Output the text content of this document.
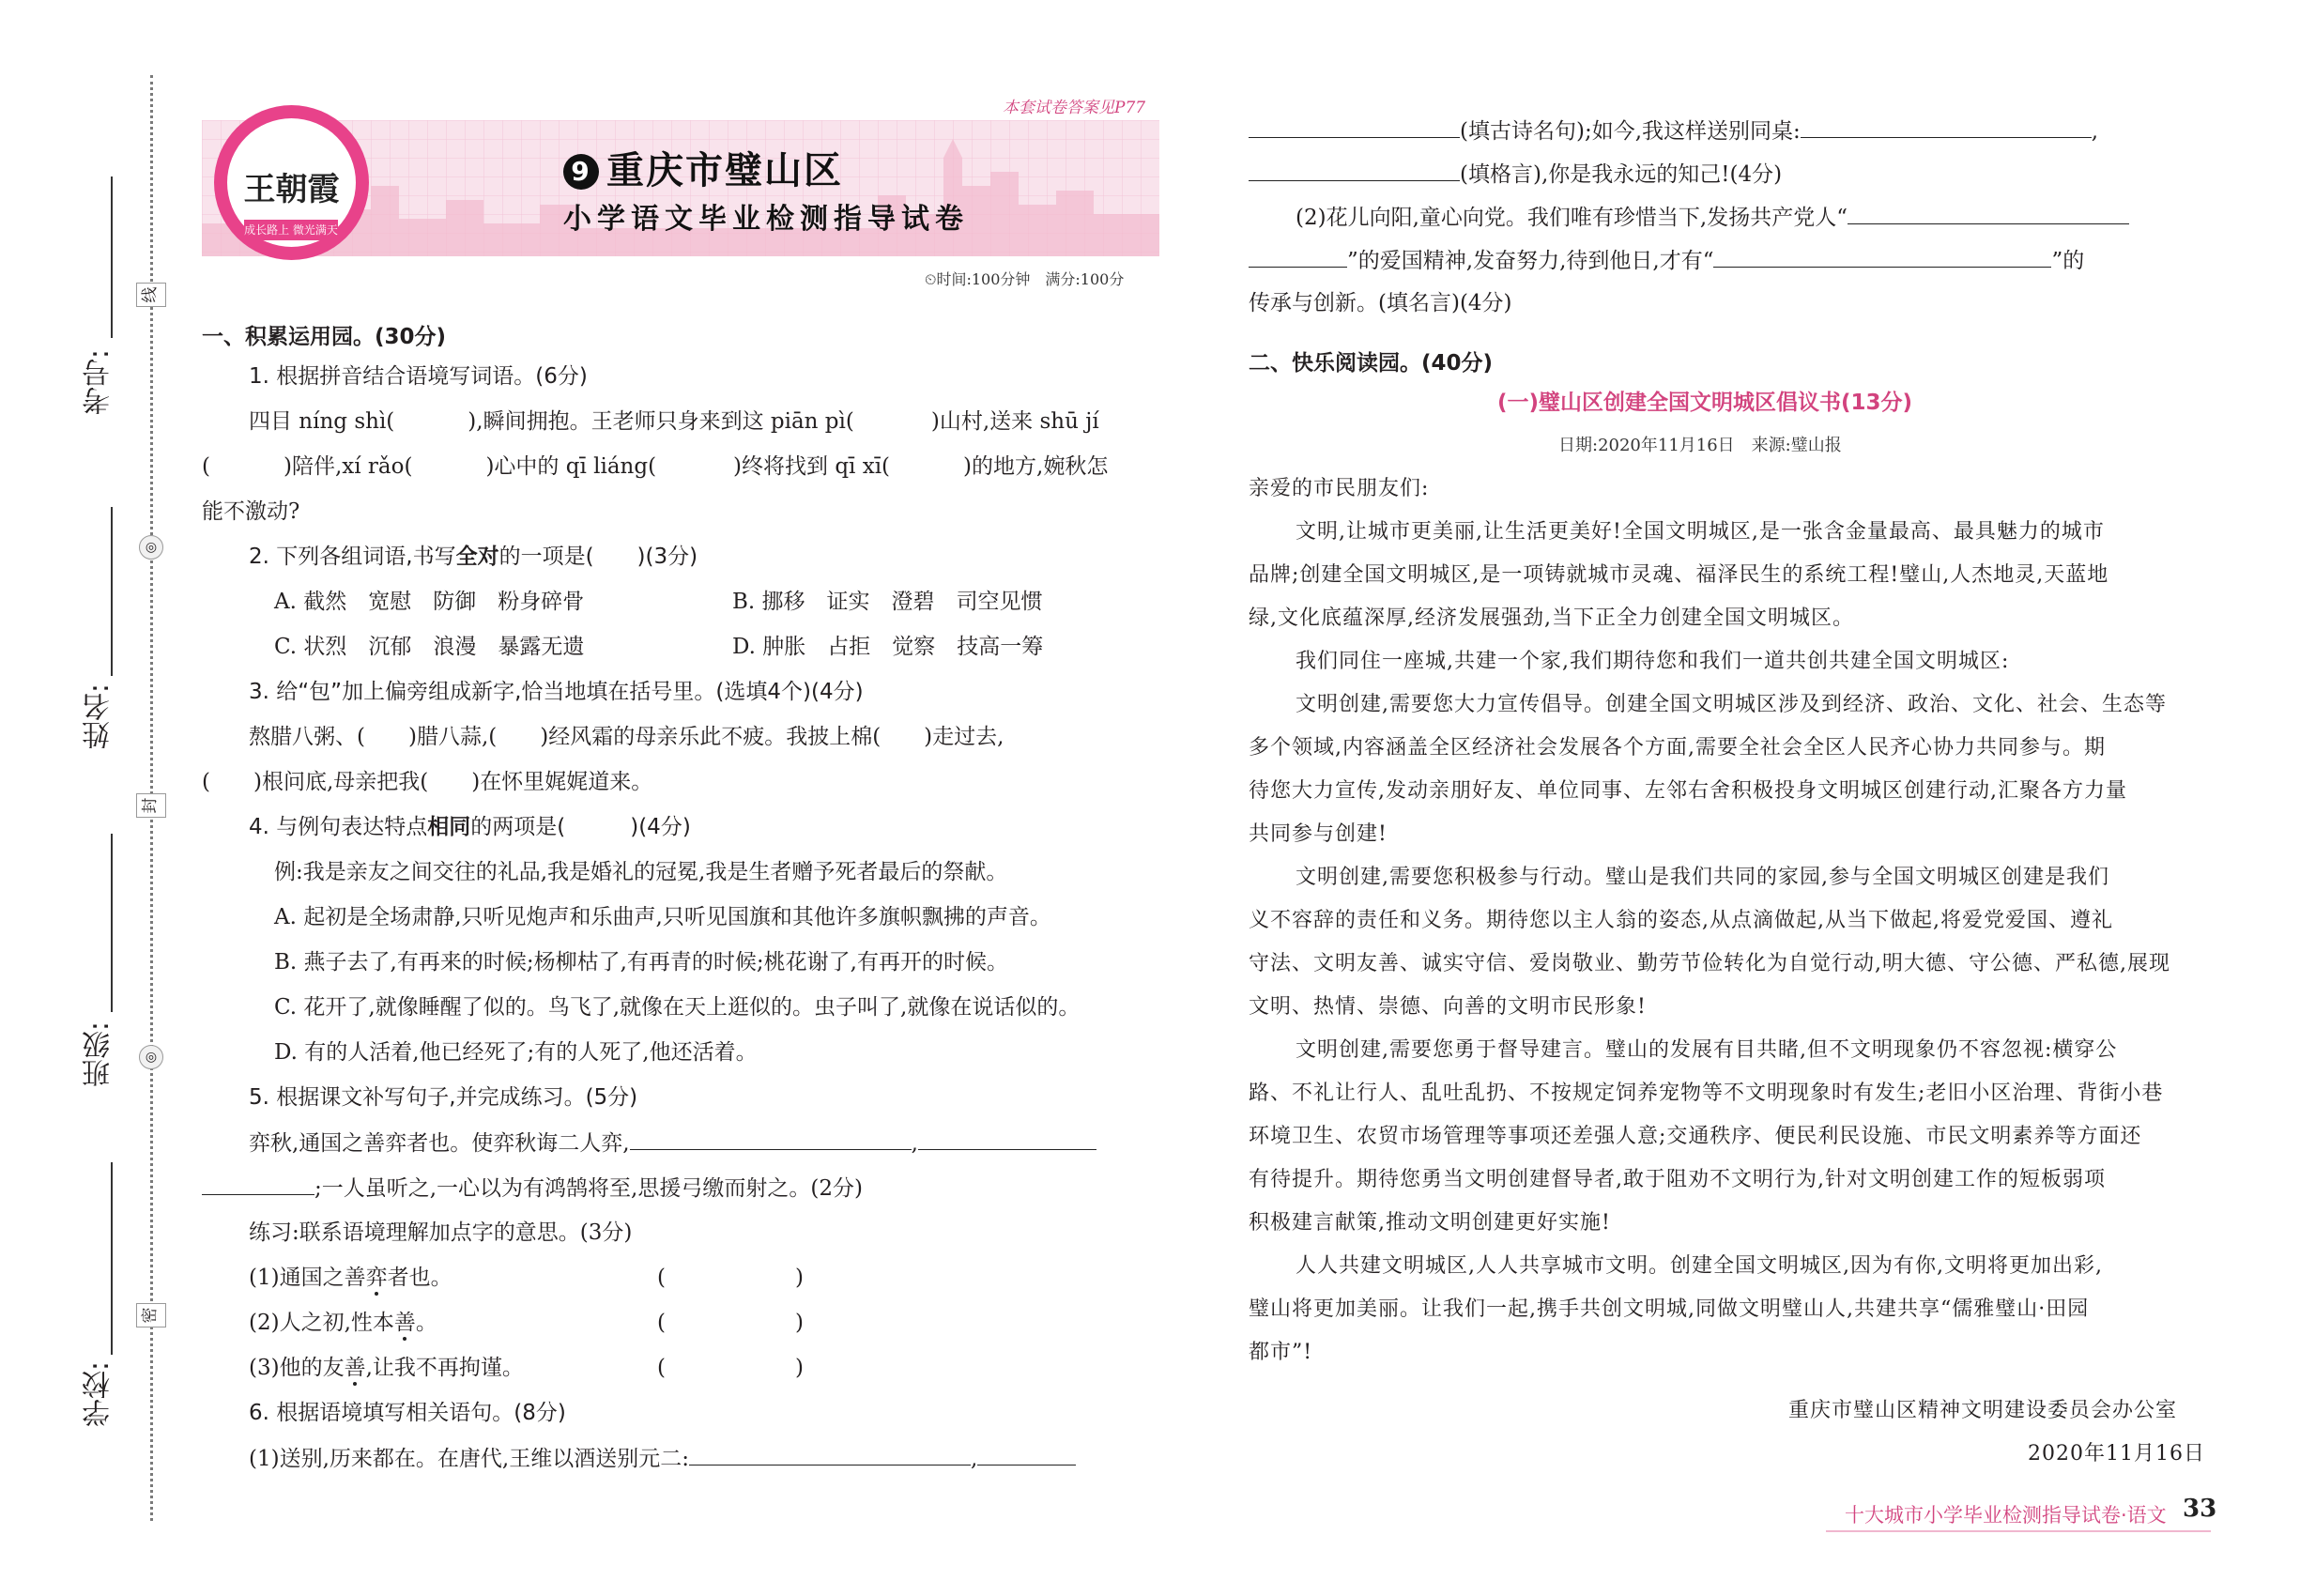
考号:
姓名:
班级:
学校:
线
◎
封
◎
密
本套试卷答案见P77
王朝霞
成长路上 微光满天
9 重庆市璧山区
小学语文毕业检测指导试卷
⏲时间:100分钟　满分:100分
一、积累运用园。(30分)
1. 根据拼音结合语境写词语。(6分)
四目 níng shì(	),瞬间拥抱。王老师只身来到这 piān pì(	)山村,送来 shū jí
(	)陪伴,xí rǎo(	)心中的 qī liáng(	)终将找到 qī xī(	)的地方,婉秋怎
能不激动?
2. 下列各组词语,书写全对的一项是(　　)(3分)
A. 截然　宽慰　防御　粉身碎骨	B. 挪移　证实　澄碧　司空见惯
C. 状烈　沉郁　浪漫　暴露无遗	D. 肿胀　占拒　觉察　技高一筹
3. 给“包”加上偏旁组成新字,恰当地填在括号里。(选填4个)(4分)
熬腊八粥、(　　)腊八蒜,(　　)经风霜的母亲乐此不疲。我披上棉(　　)走过去,
(　　)根问底,母亲把我(　　)在怀里娓娓道来。
4. 与例句表达特点相同的两项是(　　　)(4分)
例:我是亲友之间交往的礼品,我是婚礼的冠冕,我是生者赠予死者最后的祭献。
A. 起初是全场肃静,只听见炮声和乐曲声,只听见国旗和其他许多旗帜飘拂的声音。
B. 燕子去了,有再来的时候;杨柳枯了,有再青的时候;桃花谢了,有再开的时候。
C. 花开了,就像睡醒了似的。鸟飞了,就像在天上逛似的。虫子叫了,就像在说话似的。
D. 有的人活着,他已经死了;有的人死了,他还活着。
5. 根据课文补写句子,并完成练习。(5分)
弈秋,通国之善弈者也。使弈秋诲二人弈,	,
;一人虽听之,一心以为有鸿鹄将至,思援弓缴而射之。(2分)
练习:联系语境理解加点字的意思。(3分)
(1)通国之善弈者也。	(　　　　　　)
(2)人之初,性本善。	(　　　　　　)
(3)他的友善,让我不再拘谨。	(　　　　　　)
6. 根据语境填写相关语句。(8分)
(1)送别,历来都在。在唐代,王维以酒送别元二:	,
(填古诗名句);如今,我这样送别同桌:	,
(填格言),你是我永远的知己!(4分)
(2)花儿向阳,童心向党。我们唯有珍惜当下,发扬共产党人“
”的爱国精神,发奋努力,待到他日,才有“	”的
传承与创新。(填名言)(4分)
二、快乐阅读园。(40分)
(一)璧山区创建全国文明城区倡议书(13分)
日期:2020年11月16日　来源:璧山报
亲爱的市民朋友们:
文明,让城市更美丽,让生活更美好!全国文明城区,是一张含金量最高、最具魅力的城市
品牌;创建全国文明城区,是一项铸就城市灵魂、福泽民生的系统工程!璧山,人杰地灵,天蓝地
绿,文化底蕴深厚,经济发展强劲,当下正全力创建全国文明城区。
我们同住一座城,共建一个家,我们期待您和我们一道共创共建全国文明城区:
文明创建,需要您大力宣传倡导。创建全国文明城区涉及到经济、政治、文化、社会、生态等
多个领域,内容涵盖全区经济社会发展各个方面,需要全社会全区人民齐心协力共同参与。期
待您大力宣传,发动亲朋好友、单位同事、左邻右舍积极投身文明城区创建行动,汇聚各方力量
共同参与创建!
文明创建,需要您积极参与行动。璧山是我们共同的家园,参与全国文明城区创建是我们
义不容辞的责任和义务。期待您以主人翁的姿态,从点滴做起,从当下做起,将爱党爱国、遵礼
守法、文明友善、诚实守信、爱岗敬业、勤劳节俭转化为自觉行动,明大德、守公德、严私德,展现
文明、热情、崇德、向善的文明市民形象!
文明创建,需要您勇于督导建言。璧山的发展有目共睹,但不文明现象仍不容忽视:横穿公
路、不礼让行人、乱吐乱扔、不按规定饲养宠物等不文明现象时有发生;老旧小区治理、背街小巷
环境卫生、农贸市场管理等事项还差强人意;交通秩序、便民利民设施、市民文明素养等方面还
有待提升。期待您勇当文明创建督导者,敢于阻劝不文明行为,针对文明创建工作的短板弱项
积极建言献策,推动文明创建更好实施!
人人共建文明城区,人人共享城市文明。创建全国文明城区,因为有你,文明将更加出彩,
璧山将更加美丽。让我们一起,携手共创文明城,同做文明璧山人,共建共享“儒雅璧山·田园
都市”!
重庆市璧山区精神文明建设委员会办公室
2020年11月16日
十大城市小学毕业检测指导试卷·语文 33
